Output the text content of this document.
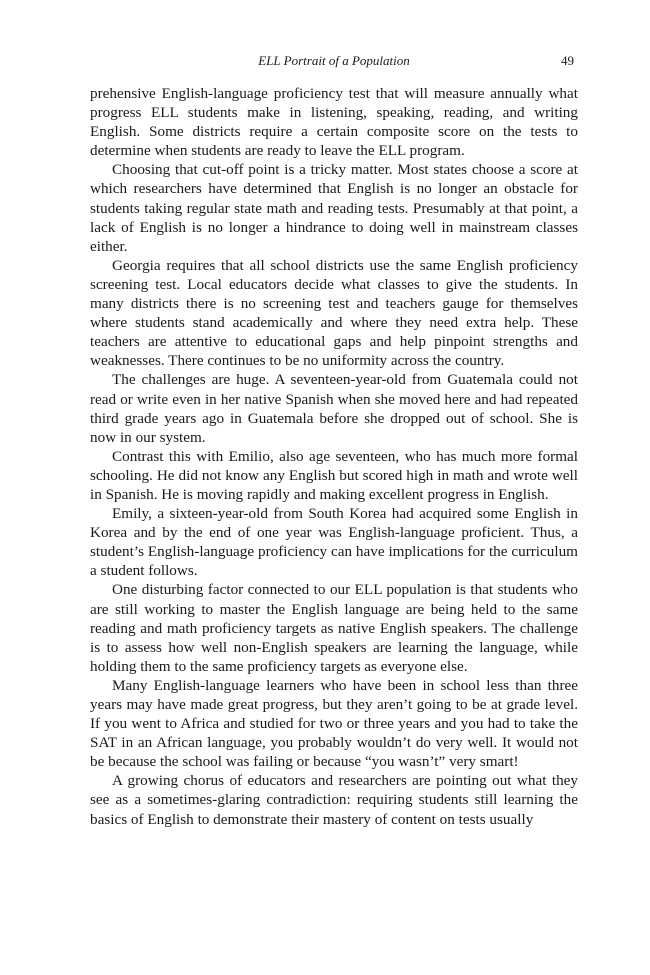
ELL Portrait of a Population	49

prehensive English-language proficiency test that will measure annually what progress ELL students make in listening, speaking, reading, and writing English. Some districts require a certain composite score on the tests to determine when students are ready to leave the ELL program.

Choosing that cut-off point is a tricky matter. Most states choose a score at which researchers have determined that English is no longer an obstacle for students taking regular state math and reading tests. Presumably at that point, a lack of English is no longer a hindrance to doing well in mainstream classes either.

Georgia requires that all school districts use the same English proficiency screening test. Local educators decide what classes to give the students. In many districts there is no screening test and teachers gauge for themselves where students stand academically and where they need extra help. These teachers are attentive to educational gaps and help pinpoint strengths and weaknesses. There continues to be no uniformity across the country.

The challenges are huge. A seventeen-year-old from Guatemala could not read or write even in her native Spanish when she moved here and had repeated third grade years ago in Guatemala before she dropped out of school. She is now in our system.

Contrast this with Emilio, also age seventeen, who has much more formal schooling. He did not know any English but scored high in math and wrote well in Spanish. He is moving rapidly and making excellent progress in English.

Emily, a sixteen-year-old from South Korea had acquired some English in Korea and by the end of one year was English-language proficient. Thus, a student’s English-language proficiency can have implications for the curriculum a student follows.

One disturbing factor connected to our ELL population is that students who are still working to master the English language are being held to the same reading and math proficiency targets as native English speakers. The challenge is to assess how well non-English speakers are learning the language, while holding them to the same proficiency targets as everyone else.

Many English-language learners who have been in school less than three years may have made great progress, but they aren’t going to be at grade level. If you went to Africa and studied for two or three years and you had to take the SAT in an African language, you probably wouldn’t do very well. It would not be because the school was failing or because “you wasn’t” very smart!

A growing chorus of educators and researchers are pointing out what they see as a sometimes-glaring contradiction: requiring students still learning the basics of English to demonstrate their mastery of content on tests usually
